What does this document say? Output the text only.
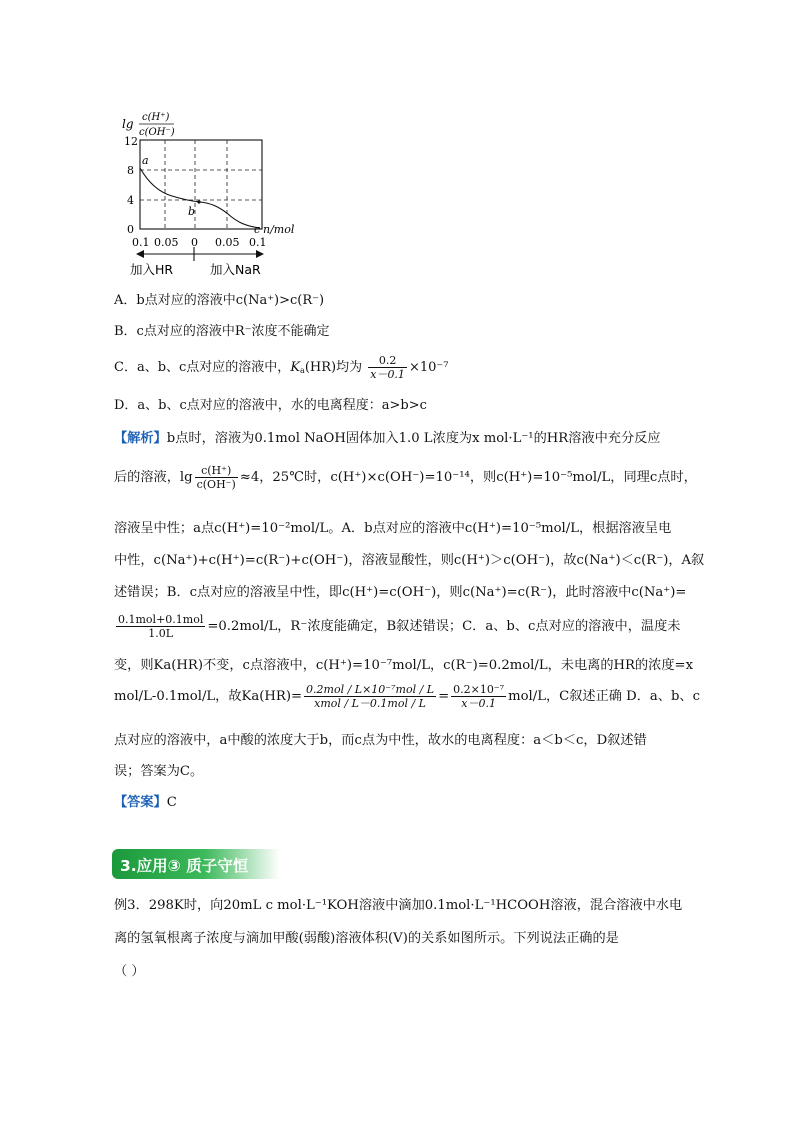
lg c(H⁺)
c(OH⁻)
12
8
4
0
a
b
c n/mol
0.1 0.05 0 0.05 0.1
加入HR	加入NaR
A．b点对应的溶液中c(Na⁺)>c(R⁻)
B．c点对应的溶液中R⁻浓度不能确定
C．a、b、c点对应的溶液中，$K_a(HR)$均为 $\frac{0.2}{x-0.1} \times 10^{-7}$
D．a、b、c点对应的溶液中，水的电离程度：a>b>c
【解析】b点时，溶液为0.1mol NaOH固体加入1.0 L浓度为x mol·L⁻¹的HR溶液中充分反应
后的溶液，$\lg \frac{c(H^+)}{c(OH^-)} \approx 4$，25℃时，c(H⁺)×c(OH⁻)=10⁻¹⁴，则c(H⁺)=10⁻⁵mol/L，同理c点时，
溶液呈中性；a点c(H⁺)=10⁻²mol/L。A．b点对应的溶液中c(H⁺)=10⁻⁵mol/L，根据溶液呈电
中性，c(Na⁺)+c(H⁺)=c(R⁻)+c(OH⁻)，溶液显酸性，则c(H⁺)＞c(OH⁻)，故c(Na⁺)＜c(R⁻)，A叙
述错误；B．c点对应的溶液呈中性，即c(H⁺)=c(OH⁻)，则c(Na⁺)=c(R⁻)，此时溶液中c(Na⁺)=
$\frac{\text{0.1mol+0.1mol}}{1.0L} =0.2mol/L$，R⁻浓度能确定，B叙述错误；C．a、b、c点对应的溶液中，温度未
变，则Ka(HR)不变，c点溶液中，c(H⁺)=10⁻⁷mol/L，c(R⁻)=0.2mol/L，未电离的HR的浓度=x
mol/L-0.1mol/L，故$Ka(HR)= \frac{\text{0.2mol / L×10⁻⁷mol / L}}{\text{xmol / L－0.1mol / L}} = \frac{\text{0.2×10⁻⁷}}{x-0.1} mol/L$，C叙述正确 D．a、b、c
点对应的溶液中，a中酸的浓度大于b，而c点为中性，故水的电离程度：a＜b＜c，D叙述错
误；答案为C。
【答案】C
3.应用③ 质子守恒
例3．298K时，向20mL c mol·L⁻¹KOH溶液中滴加0.1mol·L⁻¹HCOOH溶液，混合溶液中水电
离的氢氧根离子浓度与滴加甲酸(弱酸)溶液体积(V)的关系如图所示。下列说法正确的是
（ ）
